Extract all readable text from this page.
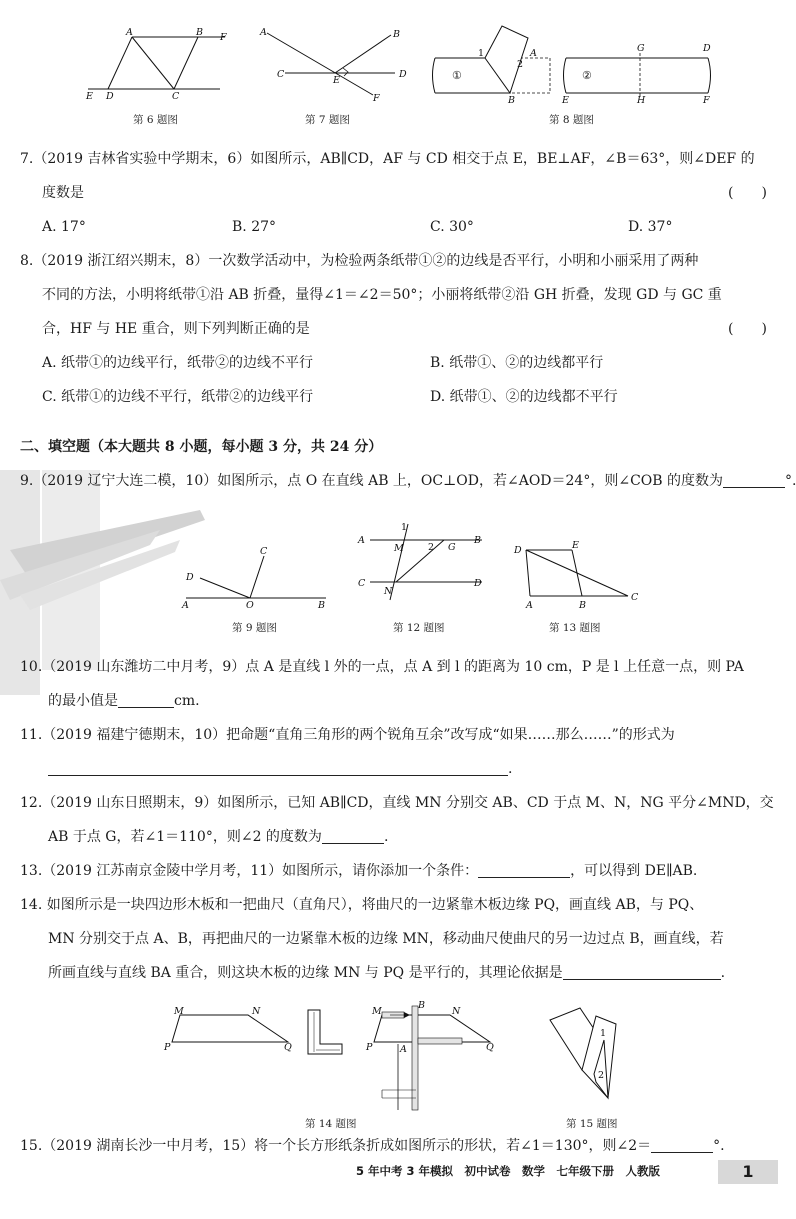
A	B F
E D	C
第 6 题图
A	B
C
E
D
F
第 7 题图
1	A
2
B
①
G	D
②
E	H	F
第 8 题图
7.（2019 吉林省实验中学期末，6）如图所示，AB∥CD，AF 与 CD 相交于点 E，BE⊥AF，∠B＝63°，则∠DEF 的
度数是	(　　)
A. 17°	B. 27°	C. 30°	D. 37°
8.（2019 浙江绍兴期末，8）一次数学活动中，为检验两条纸带①②的边线是否平行，小明和小丽采用了两种
不同的方法，小明将纸带①沿 AB 折叠，量得∠1＝∠2＝50°；小丽将纸带②沿 GH 折叠，发现 GD 与 GC 重
合，HF 与 HE 重合，则下列判断正确的是	(　　)
A. 纸带①的边线平行，纸带②的边线不平行	B. 纸带①、②的边线都平行
C. 纸带①的边线不平行，纸带②的边线平行	D. 纸带①、②的边线都不平行
二、填空题（本大题共 8 小题，每小题 3 分，共 24 分）
9.（2019 辽宁大连二模，10）如图所示，点 O 在直线 AB 上，OC⊥OD，若∠AOD＝24°，则∠COB 的度数为	°.
C
D
A	O	B
第 9 题图
1
A
M	2 G
B
C
N
D
第 12 题图
D	E
A	B
C
第 13 题图
10.（2019 山东潍坊二中月考，9）点 A 是直线 l 外的一点，点 A 到 l 的距离为 10 cm，P 是 l 上任意一点，则 PA
的最小值是	cm.
11.（2019 福建宁德期末，10）把命题“直角三角形的两个锐角互余”改写成“如果……那么……”的形式为
.
12.（2019 山东日照期末，9）如图所示，已知 AB∥CD，直线 MN 分别交 AB、CD 于点 M、N，NG 平分∠MND，交
AB 于点 G，若∠1＝110°，则∠2 的度数为	.
13.（2019 江苏南京金陵中学月考，11）如图所示，请你添加一个条件：	，可以得到 DE∥AB.
14. 如图所示是一块四边形木板和一把曲尺（直角尺），将曲尺的一边紧靠木板边缘 PQ，画直线 AB，与 PQ、
MN 分别交于点 A、B，再把曲尺的一边紧靠木板的边缘 MN，移动曲尺使曲尺的另一边过点 B，画直线，若
所画直线与直线 BA 重合，则这块木板的边缘 MN 与 PQ 是平行的，其理论依据是	.
M	N
P	Q
M
B
N
P	A	Q
第 14 题图
1
2
第 15 题图
15.（2019 湖南长沙一中月考，15）将一个长方形纸条折成如图所示的形状，若∠1＝130°，则∠2＝	°.
5 年中考 3 年模拟　初中试卷　数学　七年级下册　人教版	1
